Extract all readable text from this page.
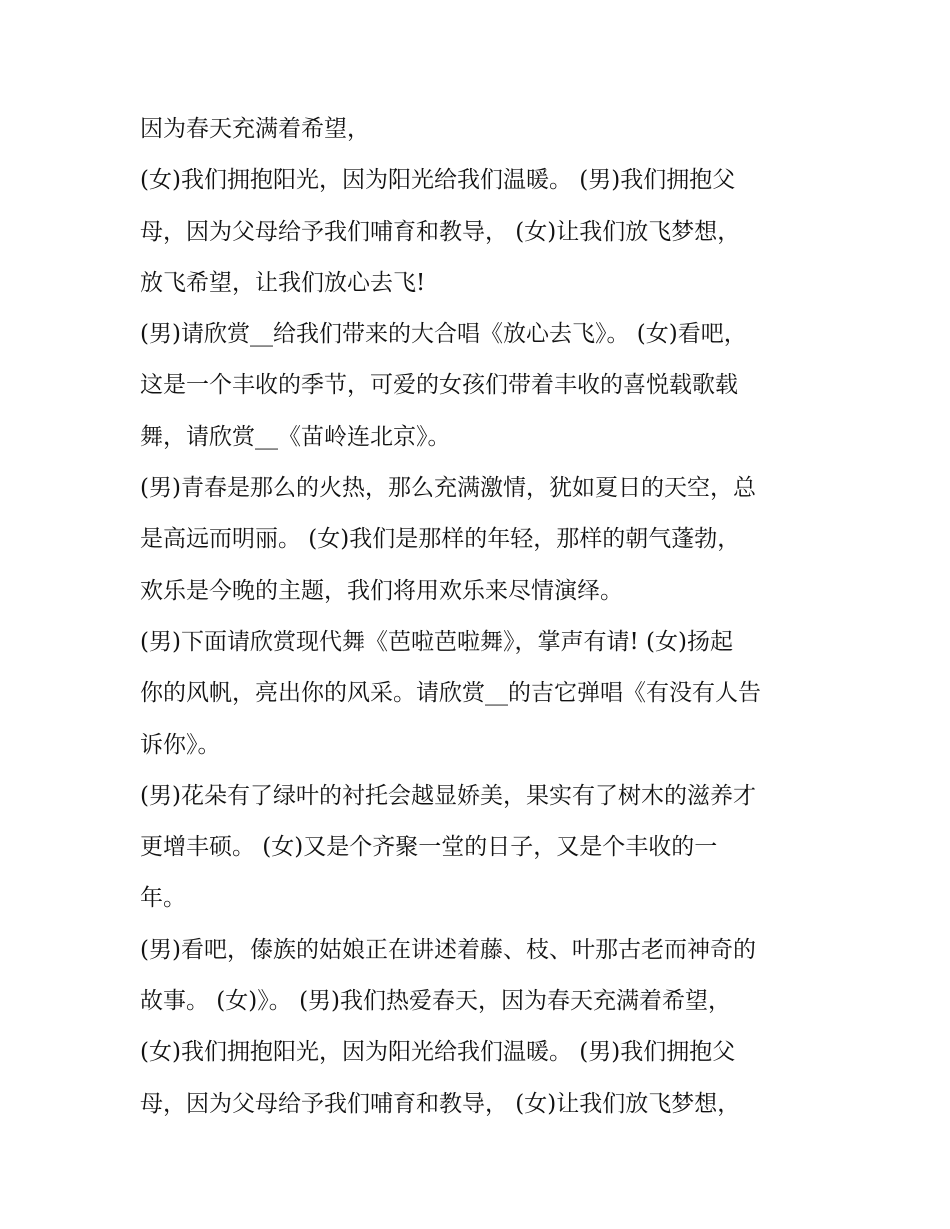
因为春天充满着希望，
(女)我们拥抱阳光，因为阳光给我们温暖。 (男)我们拥抱父
母，因为父母给予我们哺育和教导， (女)让我们放飞梦想，
放飞希望，让我们放心去飞!
(男)请欣赏__给我们带来的大合唱《放心去飞》。 (女)看吧，
这是一个丰收的季节，可爱的女孩们带着丰收的喜悦载歌载
舞，请欣赏__《苗岭连北京》。
(男)青春是那么的火热，那么充满激情，犹如夏日的天空，总
是高远而明丽。 (女)我们是那样的年轻，那样的朝气蓬勃，
欢乐是今晚的主题，我们将用欢乐来尽情演绎。
(男)下面请欣赏现代舞《芭啦芭啦舞》，掌声有请! (女)扬起
你的风帆，亮出你的风采。请欣赏__的吉它弹唱《有没有人告
诉你》。
(男)花朵有了绿叶的衬托会越显娇美，果实有了树木的滋养才
更增丰硕。 (女)又是个齐聚一堂的日子，又是个丰收的一
年。
(男)看吧，傣族的姑娘正在讲述着藤、枝、叶那古老而神奇的
故事。 (女)》。 (男)我们热爱春天，因为春天充满着希望，
(女)我们拥抱阳光，因为阳光给我们温暖。 (男)我们拥抱父
母，因为父母给予我们哺育和教导， (女)让我们放飞梦想，
